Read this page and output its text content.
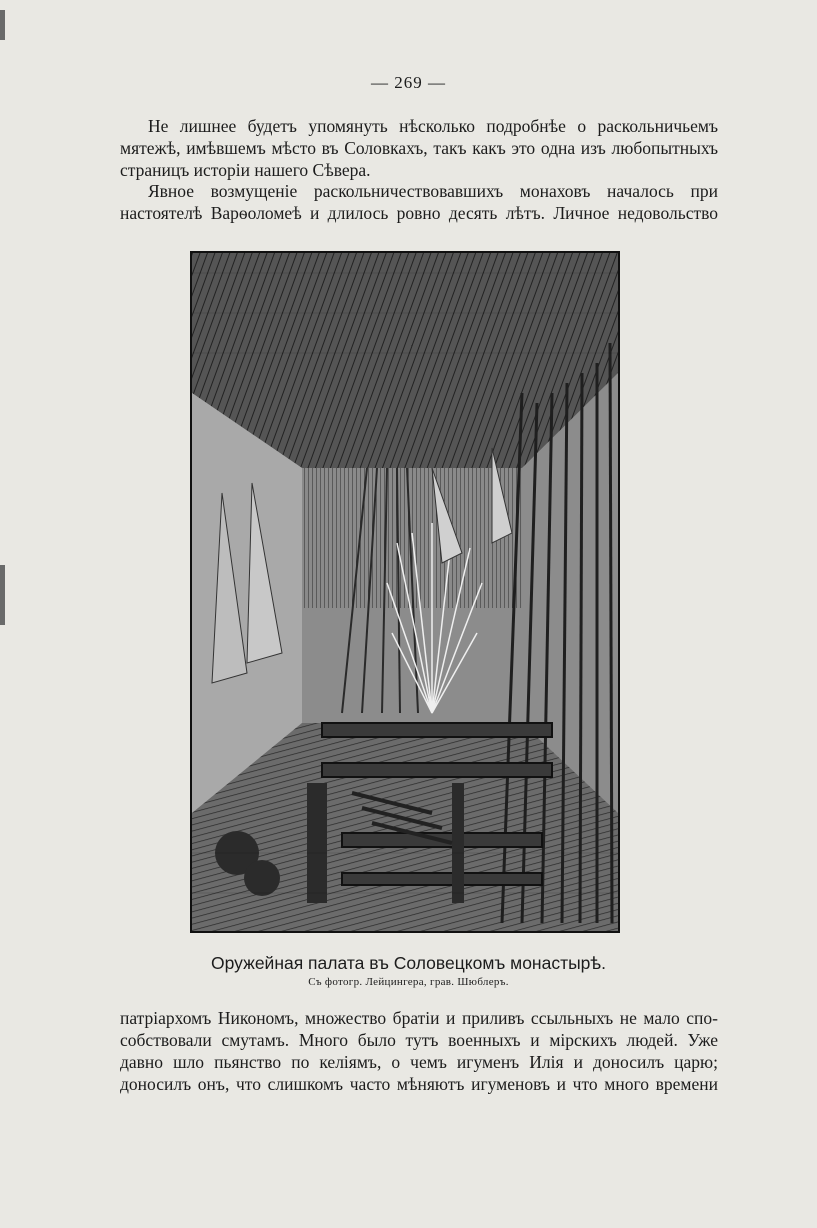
— 269 —
Не лишнее будетъ упомянуть нѣсколько подробнѣе о раскольничьемъ
мятежѣ, имѣвшемъ мѣсто въ Соловкахъ, такъ какъ это одна изъ любопытныхъ
страницъ исторіи нашего Сѣвера.
Явное возмущеніе раскольничествовавшихъ монаховъ началось при
настоятелѣ Варѳоломеѣ и длилось ровно десять лѣтъ. Личное недовольство
Оружейная палата въ Соловецкомъ монастырѣ.
Съ фотогр. Лейцингера, грав. Шюблеръ.
патріархомъ Никономъ, множество братіи и приливъ ссыльныхъ не мало спо-
собствовали смутамъ. Много было тутъ военныхъ и мірскихъ людей. Уже
давно шло пьянство по келіямъ, о чемъ игуменъ Илія и доносилъ царю;
доносилъ онъ, что слишкомъ часто мѣняютъ игуменовъ и что много времени
